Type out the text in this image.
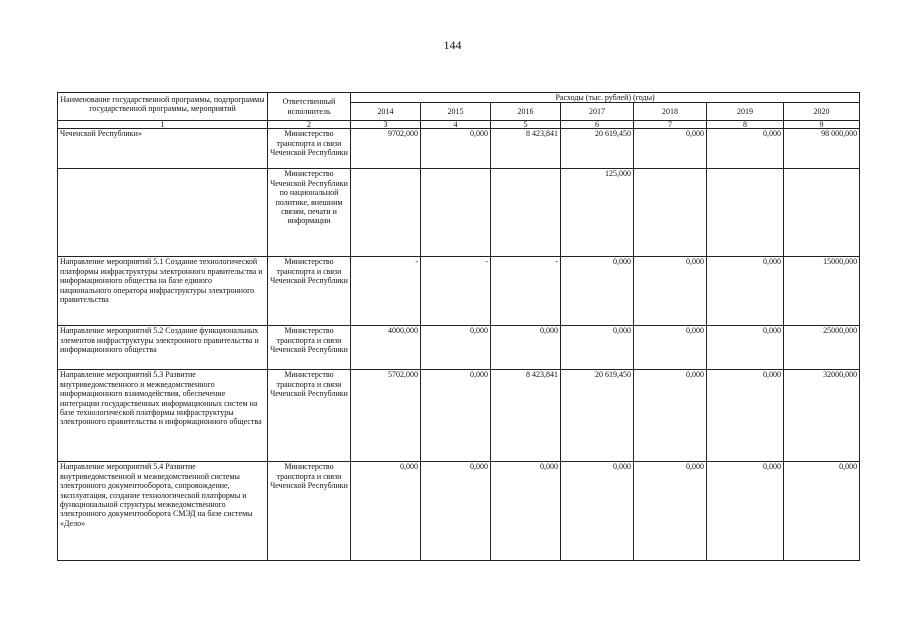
144
Наименование государственной программы, подпрограммы государственной программы, мероприятий	Ответственный исполнитель	Расходы (тыс. рублей) (годы)						
		2014	2015	2016	2017	2018	2019	2020
1	2	3	4	5	6	7	8	9
Чеченской Республики»	Министерство транспорта и связи Чеченской Республики	9702,000	0,000	8 423,841	20 619,450	0,000	0,000	98 000,000
	Министерство Чеченской Республики по национальной политике, внешним связям, печати и информации				125,000			
Направление мероприятий 5.1 Создание технологической платформы инфраструктуры электронного правительства и информационного общества на базе единого национального оператора инфраструктуры электронного правительства	Министерство транспорта и связи Чеченской Республики	-	-	-	0,000	0,000	0,000	15000,000
Направление мероприятий 5.2 Создание функциональных элементов инфраструктуры электронного правительства и информационного общества	Министерство транспорта и связи Чеченской Республики	4000,000	0,000	0,000	0,000	0,000	0,000	25000,000
Направление мероприятий 5.3 Развитие внутриведомственного и межведомственного информационного взаимодействия, обеспечение интеграции государственных информационных систем на базе технологической платформы инфраструктуры электронного правительства и информационного общества	Министерство транспорта и связи Чеченской Республики	5702,000	0,000	8 423,841	20 619,450	0,000	0,000	32000,000
Направление мероприятий 5.4 Развитие внутриведомственной и межведомственной системы электронного документооборота, сопровождение, эксплуатация, создание технологической платформы и функциональной структуры межведомственного электронного документооборота СМЭД на базе системы «Дело»	Министерство транспорта и связи Чеченской Республики	0,000	0,000	0,000	0,000	0,000	0,000	0,000
